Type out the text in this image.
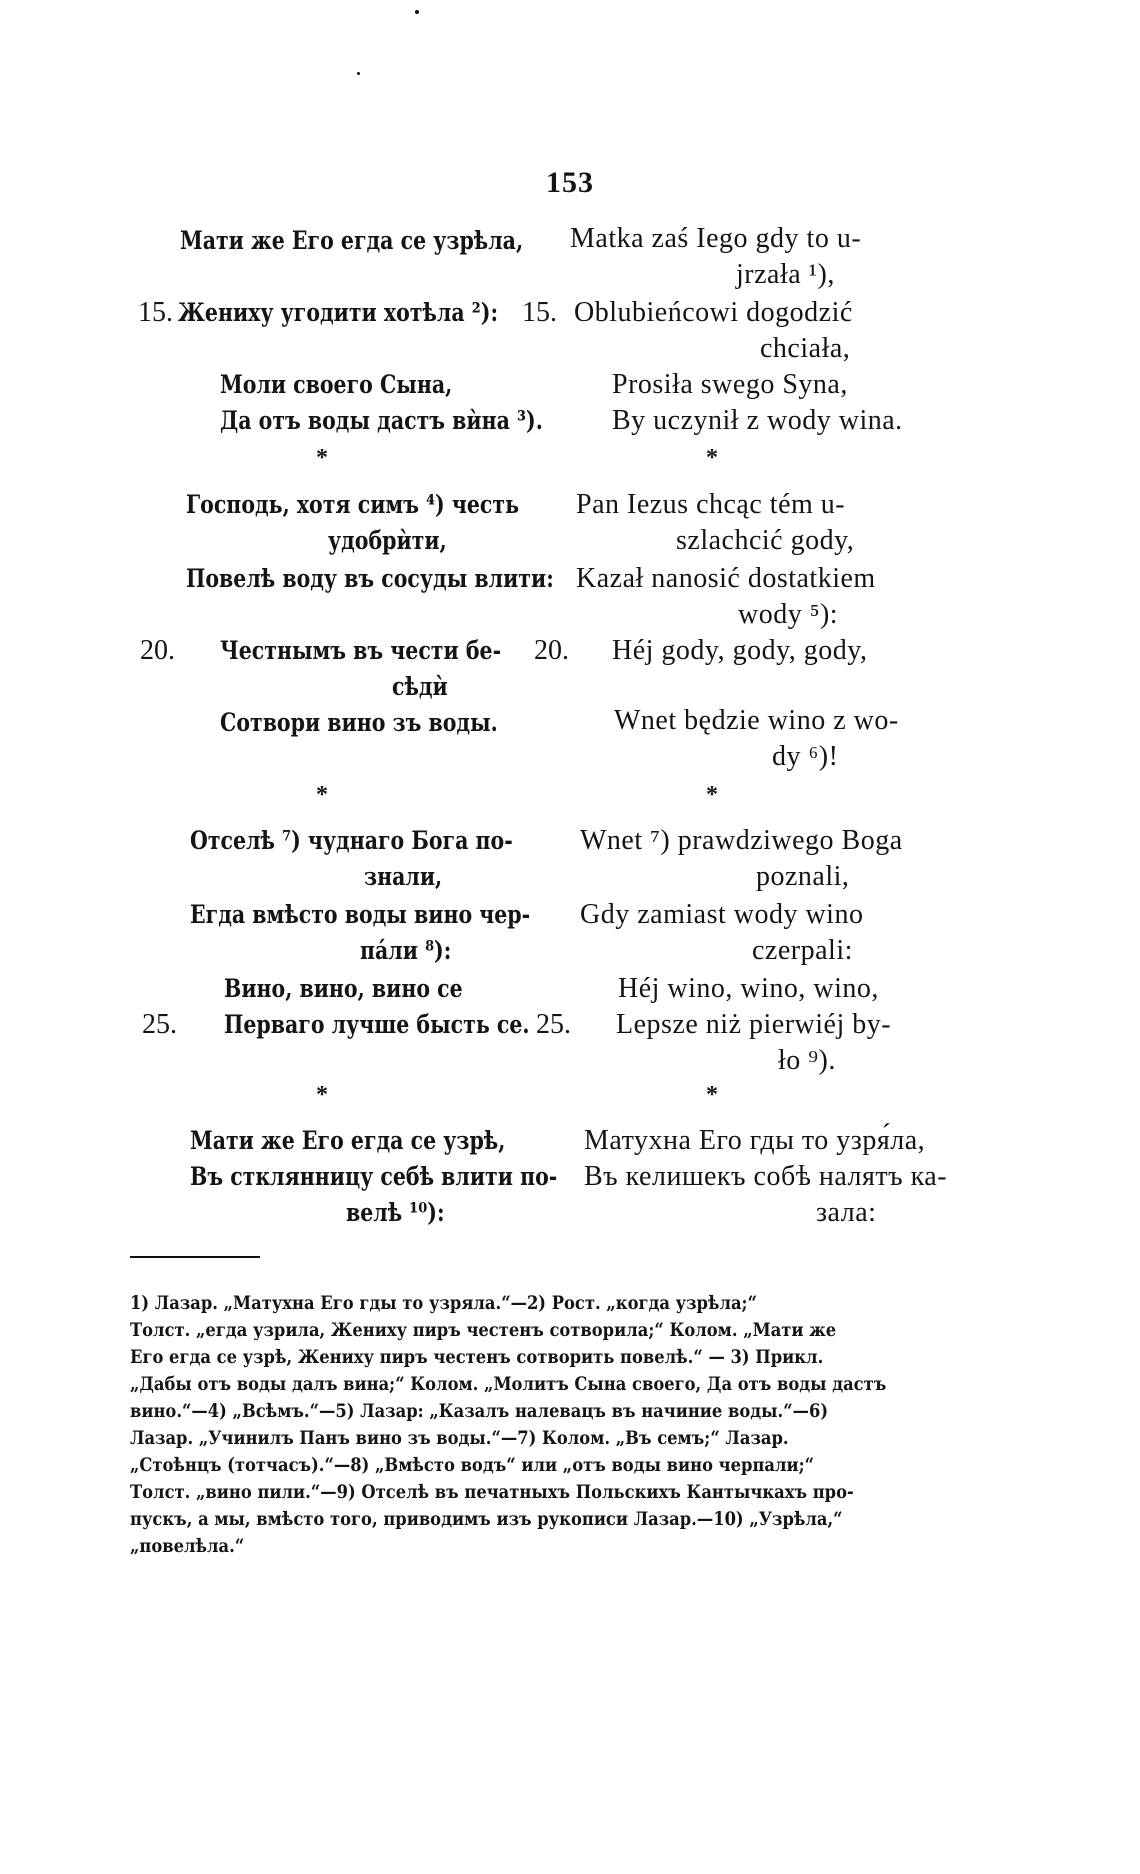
153
Мати же Его егда се узрѣла,
15. Жениху угодити хотѣла ²):
Моли своего Сына,
Да отъ воды дастъ вѝна ³).
*
Господь, хотя симъ ⁴) честь
удобрѝти,
Повелѣ воду въ сосуды влити:
20. Честнымъ въ чести бе-
сѣдѝ
Сотвори вино зъ воды.
*
Отселѣ ⁷) чуднаго Бога по-
знали,
Егда вмѣсто воды вино чер-
пáли ⁸):
Вино, вино, вино се
25. Перваго лучше бысть се.
*
Мати же Его егда се узрѣ,
Въ стклянницу себѣ влити по-
велѣ ¹⁰):
Matka zaś Iego gdy to u-
jrzała ¹),
15. Oblubieńcowi dogodzić
chciała,
Prosiła swego Syna,
By uczynił z wody wina.
*
Pan Iezus chcąc tém u-
szlachcić gody,
Kazał nanosić dostatkiem
wody ⁵):
20. Héj gody, gody, gody,
Wnet będzie wino z wo-
dy ⁶)!
*
Wnet ⁷) prawdziwego Boga
poznali,
Gdy zamiast wody wino
czerpali:
Héj wino, wino, wino,
25. Lepsze niż pierwiéj by-
ło ⁹).
*
Матухна Его гды то узря́ла,
Въ келишекъ собѣ налятъ ка-
зала:
1) Лазар. „Матухна Его гды то узряла.“—2) Рост. „когда узрѣла;“
Толст. „егда узрила, Жениху пиръ честенъ сотворила;“ Колом. „Мати же
Его егда се узрѣ, Жениху пиръ честенъ сотворить повелѣ.“ — 3) Прикл.
„Дабы отъ воды далъ вина;“ Колом. „Молитъ Сына своего, Да отъ воды дастъ
вино.“—4) „Всѣмъ.“—5) Лазар: „Казалъ налевацъ въ начиние воды.“—6)
Лазар. „Учинилъ Панъ вино зъ воды.“—7) Колом. „Въ семъ;“ Лазар.
„Стоѣнцъ (тотчасъ).“—8) „Вмѣсто водъ“ или „отъ воды вино черпали;“
Толст. „вино пили.“—9) Отселѣ въ печатныхъ Польскихъ Кантычкахъ про-
пускъ, а мы, вмѣсто того, приводимъ изъ рукописи Лазар.—10) „Узрѣла,“
„повелѣла.“
